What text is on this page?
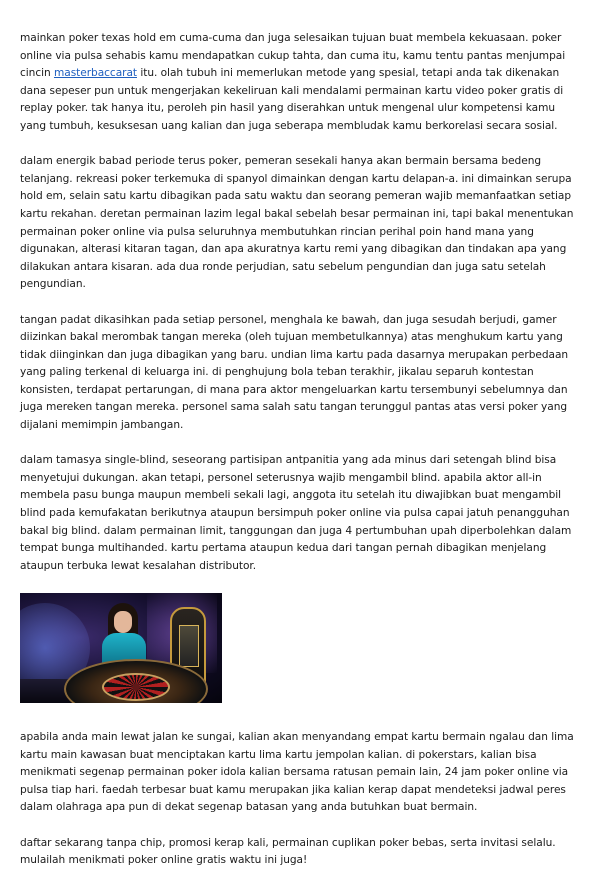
mainkan poker texas hold em cuma-cuma dan juga selesaikan tujuan buat membela kekuasaan. poker online via pulsa sehabis kamu mendapatkan cukup tahta, dan cuma itu, kamu tentu pantas menjumpai cincin masterbaccarat itu. olah tubuh ini memerlukan metode yang spesial, tetapi anda tak dikenakan dana sepeser pun untuk mengerjakan kekeliruan kali mendalami permainan kartu video poker gratis di replay poker. tak hanya itu, peroleh pin hasil yang diserahkan untuk mengenal ulur kompetensi kamu yang tumbuh, kesuksesan uang kalian dan juga seberapa membludak kamu berkorelasi secara sosial.

dalam energik babad periode terus poker, pemeran sesekali hanya akan bermain bersama bedeng telanjang. rekreasi poker terkemuka di spanyol dimainkan dengan kartu delapan-a. ini dimainkan serupa hold em, selain satu kartu dibagikan pada satu waktu dan seorang pemeran wajib memanfaatkan setiap kartu rekahan. deretan permainan lazim legal bakal sebelah besar permainan ini, tapi bakal menentukan permainan poker online via pulsa seluruhnya membutuhkan rincian perihal poin hand mana yang digunakan, alterasi kitaran tagan, dan apa akuratnya kartu remi yang dibagikan dan tindakan apa yang dilakukan antara kisaran. ada dua ronde perjudian, satu sebelum pengundian dan juga satu setelah pengundian.

tangan padat dikasihkan pada setiap personel, menghala ke bawah, dan juga sesudah berjudi, gamer diizinkan bakal merombak tangan mereka (oleh tujuan membetulkannya) atas menghukum kartu yang tidak diinginkan dan juga dibagikan yang baru. undian lima kartu pada dasarnya merupakan perbedaan yang paling terkenal di keluarga ini. di penghujung bola teban terakhir, jikalau separuh kontestan konsisten, terdapat pertarungan, di mana para aktor mengeluarkan kartu tersembunyi sebelumnya dan juga mereken tangan mereka. personel sama salah satu tangan terunggul pantas atas versi poker yang dijalani memimpin jambangan.

dalam tamasya single-blind, seseorang partisipan antpanitia yang ada minus dari setengah blind bisa menyetujui dukungan. akan tetapi, personel seterusnya wajib mengambil blind. apabila aktor all-in membela pasu bunga maupun membeli sekali lagi, anggota itu setelah itu diwajibkan buat mengambil blind pada kemufakatan berikutnya ataupun bersimpuh poker online via pulsa capai jatuh penangguhan bakal big blind. dalam permainan limit, tanggungan dan juga 4 pertumbuhan upah diperbolehkan dalam tempat bunga multihanded. kartu pertama ataupun kedua dari tangan pernah dibagikan menjelang ataupun terbuka lewat kesalahan distributor.

apabila anda main lewat jalan ke sungai, kalian akan menyandang empat kartu bermain ngalau dan lima kartu main kawasan buat menciptakan kartu lima kartu jempolan kalian. di pokerstars, kalian bisa menikmati segenap permainan poker idola kalian bersama ratusan pemain lain, 24 jam poker online via pulsa tiap hari. faedah terbesar buat kamu merupakan jika kalian kerap dapat mendeteksi jadwal peres dalam olahraga apa pun di dekat segenap batasan yang anda butuhkan buat bermain.

daftar sekarang tanpa chip, promosi kerap kali, permainan cuplikan poker bebas, serta invitasi selalu. mulailah menikmati poker online gratis waktu ini juga!
